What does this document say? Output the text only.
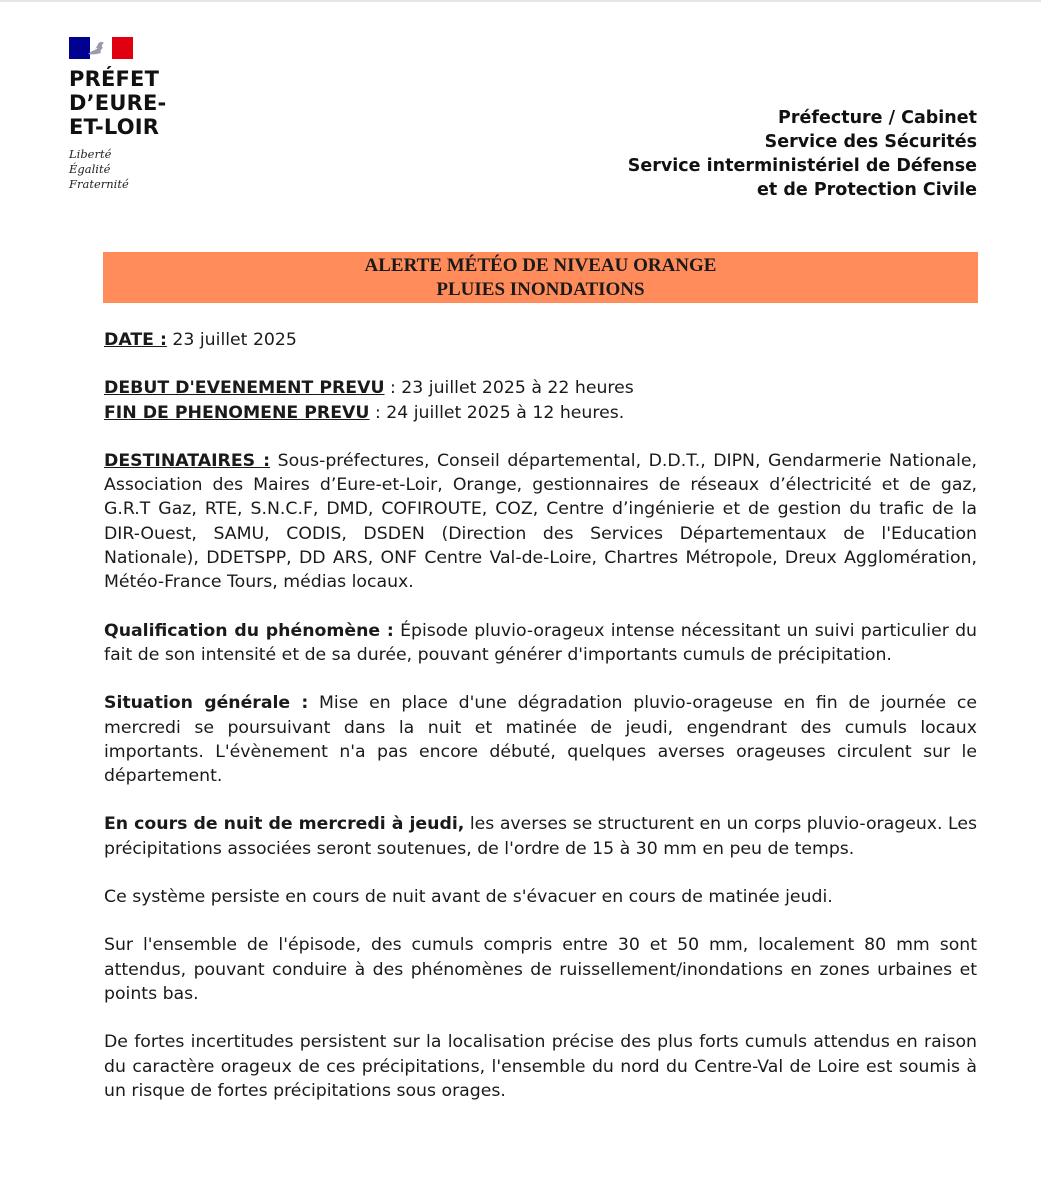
PRÉFET
D’EURE-
ET-LOIR
Liberté
Égalité
Fraternité
Préfecture / Cabinet
Service des Sécurités
Service interministériel de Défense
et de Protection Civile
ALERTE MÉTÉO DE NIVEAU ORANGE
PLUIES INONDATIONS

DATE : 23 juillet 2025

DEBUT D'EVENEMENT PREVU : 23 juillet 2025 à 22 heures

FIN DE PHENOMENE PREVU : 24 juillet 2025 à 12 heures.

DESTINATAIRES : Sous-préfectures, Conseil départemental, D.D.T., DIPN, Gendarmerie Nationale, Association des Maires d’Eure-et-Loir, Orange, gestionnaires de réseaux d’électricité et de gaz, G.R.T Gaz, RTE, S.N.C.F, DMD, COFIROUTE, COZ, Centre d’ingénierie et de gestion du trafic de la DIR-Ouest, SAMU, CODIS, DSDEN (Direction des Services Départementaux de l'Education Nationale), DDETSPP, DD ARS, ONF Centre Val-de-Loire, Chartres Métropole, Dreux Agglomération, Météo-France Tours, médias locaux.

Qualification du phénomène : Épisode pluvio-orageux intense nécessitant un suivi particulier du fait de son intensité et de sa durée, pouvant générer d'importants cumuls de précipitation.

Situation générale : Mise en place d'une dégradation pluvio-orageuse en fin de journée ce mercredi se poursuivant dans la nuit et matinée de jeudi, engendrant des cumuls locaux importants. L'évènement n'a pas encore débuté, quelques averses orageuses circulent sur le département.

En cours de nuit de mercredi à jeudi, les averses se structurent en un corps pluvio-orageux. Les précipitations associées seront soutenues, de l'ordre de 15 à 30 mm en peu de temps.

Ce système persiste en cours de nuit avant de s'évacuer en cours de matinée jeudi.

Sur l'ensemble de l'épisode, des cumuls compris entre 30 et 50 mm, localement 80 mm sont attendus, pouvant conduire à des phénomènes de ruissellement/inondations en zones urbaines et points bas.

De fortes incertitudes persistent sur la localisation précise des plus forts cumuls attendus en raison du caractère orageux de ces précipitations, l'ensemble du nord du Centre-Val de Loire est soumis à un risque de fortes précipitations sous orages.
